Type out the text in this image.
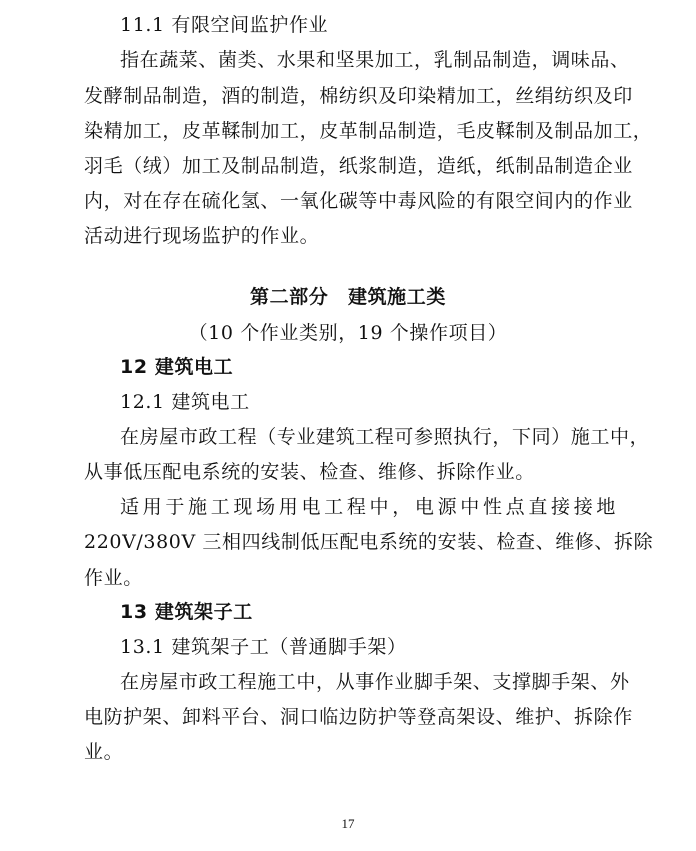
11.1 有限空间监护作业
指在蔬菜、菌类、水果和坚果加工，乳制品制造，调味品、
发酵制品制造，酒的制造，棉纺织及印染精加工，丝绢纺织及印
染精加工，皮革鞣制加工，皮革制品制造，毛皮鞣制及制品加工，
羽毛（绒）加工及制品制造，纸浆制造，造纸，纸制品制造企业
内，对在存在硫化氢、一氧化碳等中毒风险的有限空间内的作业
活动进行现场监护的作业。
第二部分　建筑施工类
（10 个作业类别，19 个操作项目）
12 建筑电工
12.1 建筑电工
在房屋市政工程（专业建筑工程可参照执行，下同）施工中，
从事低压配电系统的安装、检查、维修、拆除作业。
适用于施工现场用电工程中，电源中性点直接接地
220V/380V 三相四线制低压配电系统的安装、检查、维修、拆除
作业。
13 建筑架子工
13.1 建筑架子工（普通脚手架）
在房屋市政工程施工中，从事作业脚手架、支撑脚手架、外
电防护架、卸料平台、洞口临边防护等登高架设、维护、拆除作
业。
17
